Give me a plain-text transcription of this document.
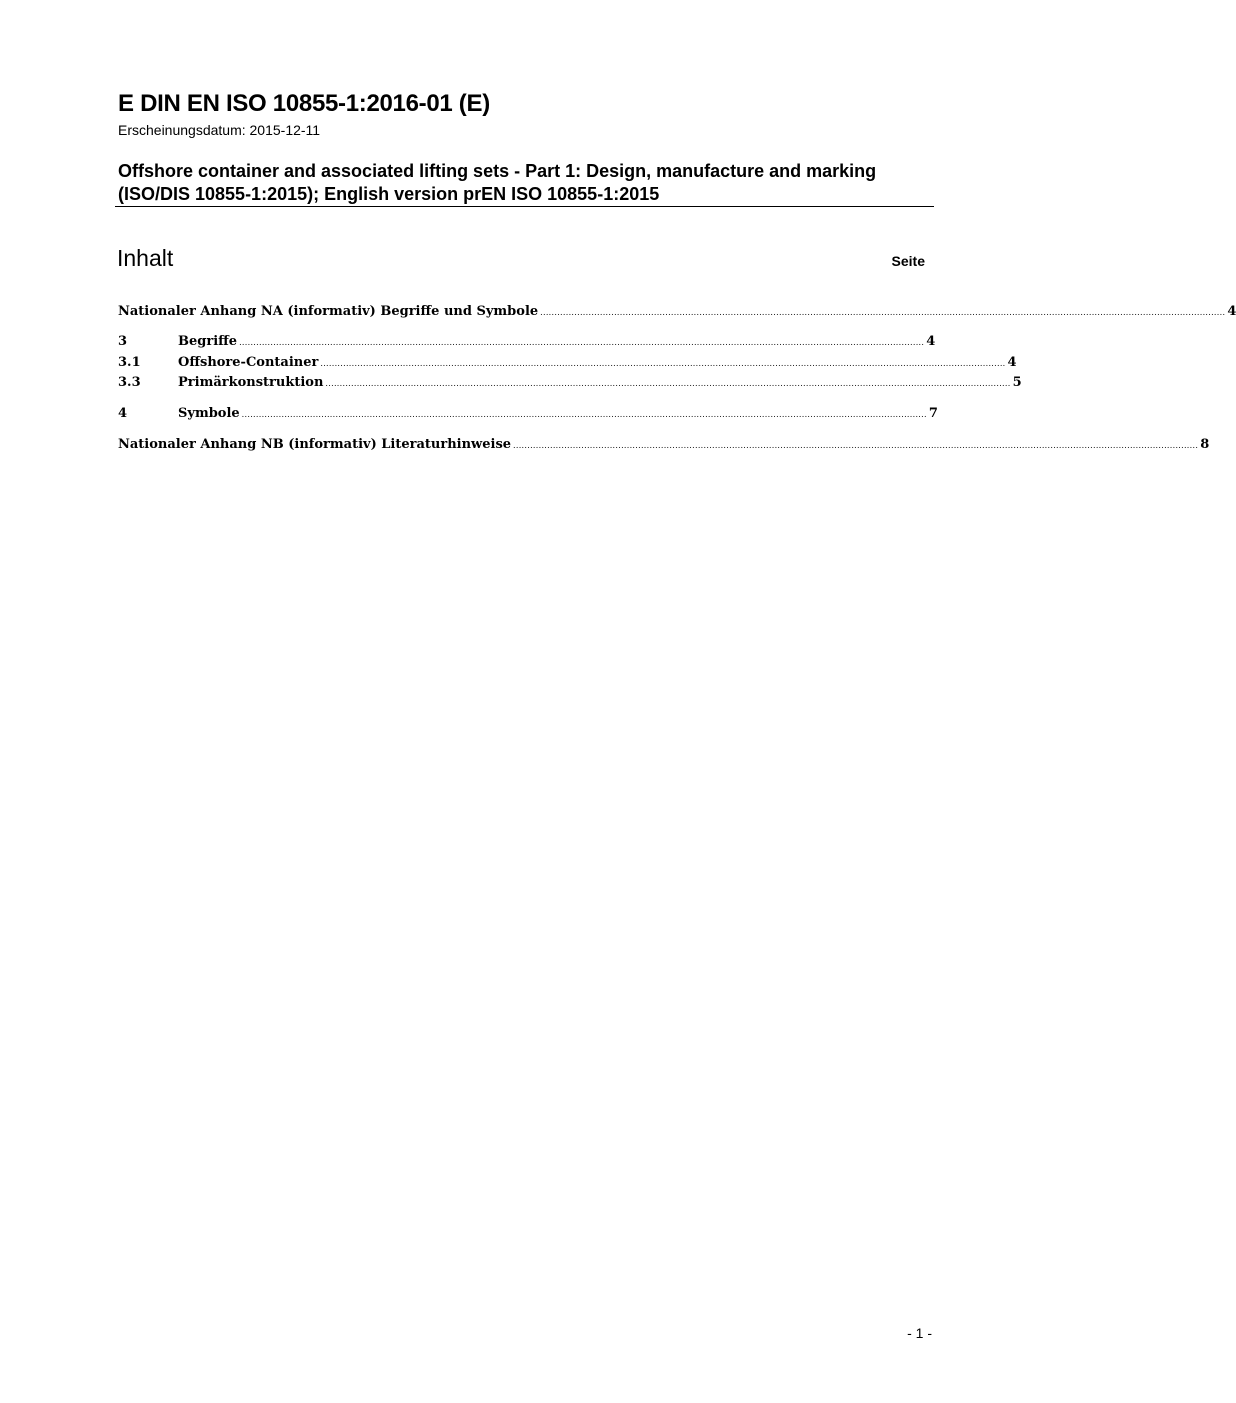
E DIN EN ISO 10855-1:2016-01 (E)
Erscheinungsdatum: 2015-12-11
Offshore container and associated lifting sets - Part 1: Design, manufacture and marking (ISO/DIS 10855-1:2015); English version prEN ISO 10855-1:2015
Inhalt	Seite
Nationaler Anhang NA (informativ) Begriffe und Symbole ................................................................................................................................................................................................................................................. 4
3	Begriffe ................................................................................................................................................................................................................................................. 4
3.1	Offshore-Container ................................................................................................................................................................................................................................................. 4
3.3	Primärkonstruktion ................................................................................................................................................................................................................................................. 5
4	Symbole ................................................................................................................................................................................................................................................. 7
Nationaler Anhang NB (informativ) Literaturhinweise ................................................................................................................................................................................................................................................. 8
- 1 -
